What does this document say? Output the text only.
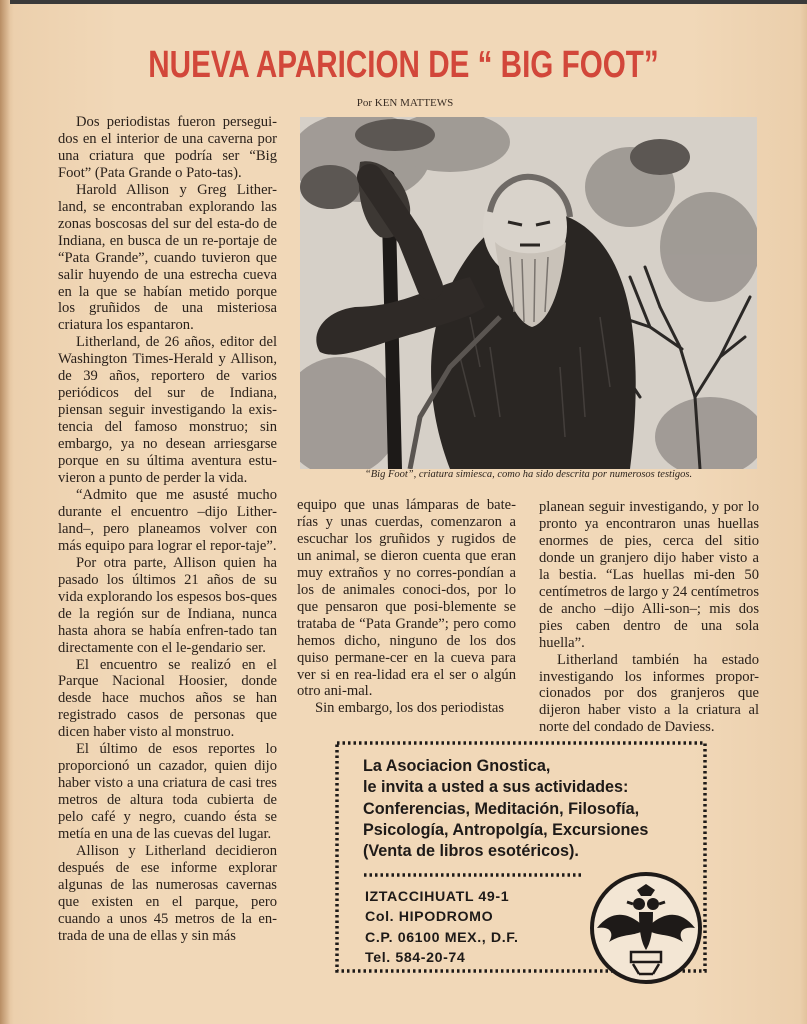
NUEVA APARICION DE “ BIG FOOT”
Por KEN MATTEWS

Dos periodistas fueron persegui-dos en el interior de una caverna por una criatura que podría ser “Big Foot” (Pata Grande o Pato-tas).

Harold Allison y Greg Lither-land, se encontraban explorando las zonas boscosas del sur del esta-do de Indiana, en busca de un re-portaje de “Pata Grande”, cuando tuvieron que salir huyendo de una estrecha cueva en la que se habían metido porque los gruñidos de una misteriosa criatura los espantaron.

Litherland, de 26 años, editor del Washington Times-Herald y Allison, de 39 años, reportero de varios periódicos del sur de Indiana, piensan seguir investigando la exis-tencia del famoso monstruo; sin embargo, ya no desean arriesgarse porque en su última aventura estu-vieron a punto de perder la vida.

“Admito que me asusté mucho durante el encuentro –dijo Lither-land–, pero planeamos volver con más equipo para lograr el repor-taje”.

Por otra parte, Allison quien ha pasado los últimos 21 años de su vida explorando los espesos bos-ques de la región sur de Indiana, nunca hasta ahora se había enfren-tado tan directamente con el le-gendario ser.

El encuentro se realizó en el Parque Nacional Hoosier, donde desde hace muchos años se han registrado casos de personas que dicen haber visto al monstruo.

El último de esos reportes lo proporcionó un cazador, quien dijo haber visto a una criatura de casi tres metros de altura toda cubierta de pelo café y negro, cuando ésta se metía en una de las cuevas del lugar.

Allison y Litherland decidieron después de ese informe explorar algunas de las numerosas cavernas que existen en el parque, pero cuando a unos 45 metros de la en-trada de una de ellas y sin más

“Big Foot”, criatura simiesca, como ha sido descrita por numerosos testigos.

equipo que unas lámparas de bate-rías y unas cuerdas, comenzaron a escuchar los gruñidos y rugidos de un animal, se dieron cuenta que eran muy extraños y no corres-pondían a los de animales conoci-dos, por lo que pensaron que posi-blemente se trataba de “Pata Grande”; pero como hemos dicho, ninguno de los dos quiso permane-cer en la cueva para ver si en rea-lidad era el ser o algún otro ani-mal.

Sin embargo, los dos periodistas

planean seguir investigando, y por lo pronto ya encontraron unas huellas enormes de pies, cerca del sitio donde un granjero dijo haber visto a la bestia. “Las huellas mi-den 50 centímetros de largo y 24 centímetros de ancho –dijo Alli-son–; mis dos pies caben dentro de una sola huella”.

Litherland también ha estado investigando los informes propor-cionados por dos granjeros que dijeron haber visto a la criatura al norte del condado de Daviess.

La Asociacion Gnostica,
le invita a usted a sus actividades:
Conferencias, Meditación, Filosofía,
Psicología, Antropolgía, Excursiones
(Venta de libros esotéricos).
IZTACCIHUATL 49-1
Col. HIPODROMO
C.P. 06100 MEX., D.F.
Tel. 584-20-74
